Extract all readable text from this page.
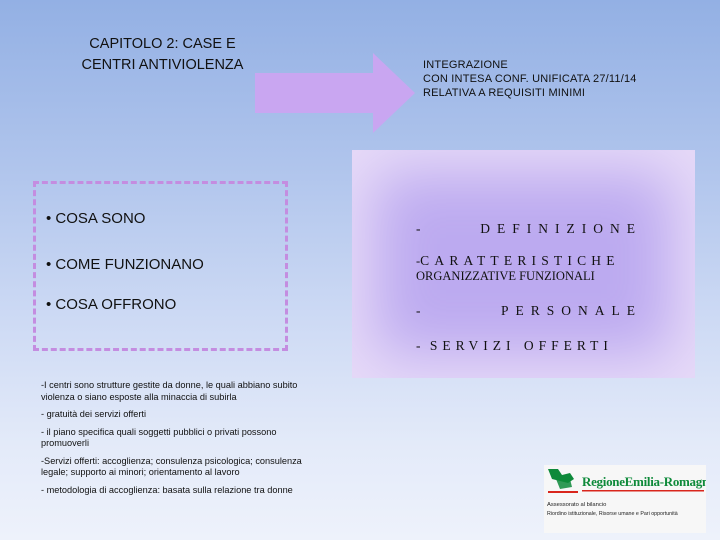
CAPITOLO 2: CASE E CENTRI ANTIVIOLENZA	INTEGRAZIONE
CON INTESA CONF. UNIFICATA 27/11/14
RELATIVA A REQUISITI MINIMI
• COSA SONO
• COME FUNZIONANO
• COSA OFFRONO
-	DEFINIZIONE
-CARATTERISTICHE
ORGANIZZATIVE FUNZIONALI
-	PERSONALE
- SERVIZI OFFERTI

-I centri sono strutture gestite da donne, le quali abbiano subito violenza o siano esposte alla minaccia di subirla

- gratuità dei servizi offerti

- il piano specifica quali soggetti pubblici o privati possono promuoverli

-Servizi offerti: accoglienza; consulenza psicologica; consulenza legale; supporto ai minori; orientamento al lavoro

- metodologia di accoglienza: basata sulla relazione tra donne

RegioneEmilia-Romagna
Assessorato al bilancio
Riordino istituzionale, Risorse umane e Pari opportunità
